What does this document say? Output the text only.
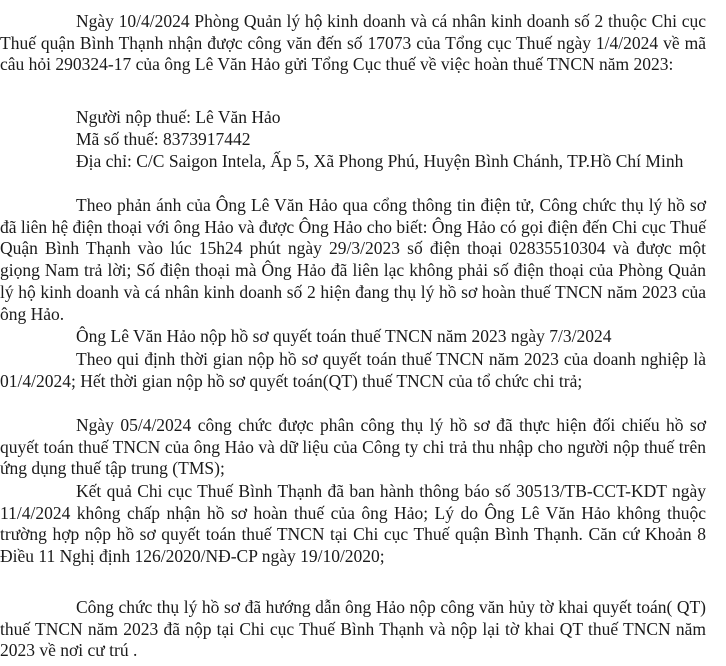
Ngày 10/4/2024 Phòng Quản lý hộ kinh doanh và cá nhân kinh doanh số 2 thuộc Chi cục Thuế quận Bình Thạnh nhận được công văn đến số 17073 của Tổng cục Thuế ngày 1/4/2024 về mã câu hỏi 290324-17 của ông Lê Văn Hảo gửi Tổng Cục thuế về việc hoàn thuế TNCN năm 2023:

Người nộp thuế: Lê Văn Hảo

Mã số thuế: 8373917442

Địa chỉ: C/C Saigon Intela, Ấp 5, Xã Phong Phú, Huyện Bình Chánh, TP.Hồ Chí Minh

Theo phản ánh của Ông Lê Văn Hảo qua cổng thông tin điện tử, Công chức thụ lý hồ sơ đã liên hệ điện thoại với ông Hảo và được Ông Hảo cho biết: Ông Hảo có gọi điện đến Chi cục Thuế Quận Bình Thạnh vào lúc 15h24 phút ngày 29/3/2023 số điện thoại 02835510304 và được một giọng Nam trả lời; Số điện thoại mà Ông Hảo đã liên lạc không phải số điện thoại của Phòng Quản lý hộ kinh doanh và cá nhân kinh doanh số 2 hiện đang thụ lý hồ sơ hoàn thuế TNCN năm 2023 của ông Hảo.

Ông Lê Văn Hảo nộp hồ sơ quyết toán thuế TNCN năm 2023 ngày 7/3/2024

Theo qui định thời gian nộp hồ sơ quyết toán thuế TNCN năm 2023 của doanh nghiệp là 01/4/2024; Hết thời gian nộp hồ sơ quyết toán(QT) thuế TNCN của tổ chức chi trả;

Ngày 05/4/2024 công chức được phân công thụ lý hồ sơ đã thực hiện đối chiếu hồ sơ quyết toán thuế TNCN của ông Hảo và dữ liệu của Công ty chi trả thu nhập cho người nộp thuế trên ứng dụng thuế tập trung (TMS);

Kết quả Chi cục Thuế Bình Thạnh đã ban hành thông báo số 30513/TB-CCT-KDT ngày 11/4/2024 không chấp nhận hồ sơ hoàn thuế của ông Hảo; Lý do Ông Lê Văn Hảo không thuộc trường hợp nộp hồ sơ quyết toán thuế TNCN tại Chi cục Thuế quận Bình Thạnh. Căn cứ Khoản 8 Điều 11 Nghị định 126/2020/NĐ-CP ngày 19/10/2020;

Công chức thụ lý hồ sơ đã hướng dẫn ông Hảo nộp công văn hủy tờ khai quyết toán( QT) thuế TNCN năm 2023 đã nộp tại Chi cục Thuế Bình Thạnh và nộp lại tờ khai QT thuế TNCN năm 2023 về nơi cư trú .
